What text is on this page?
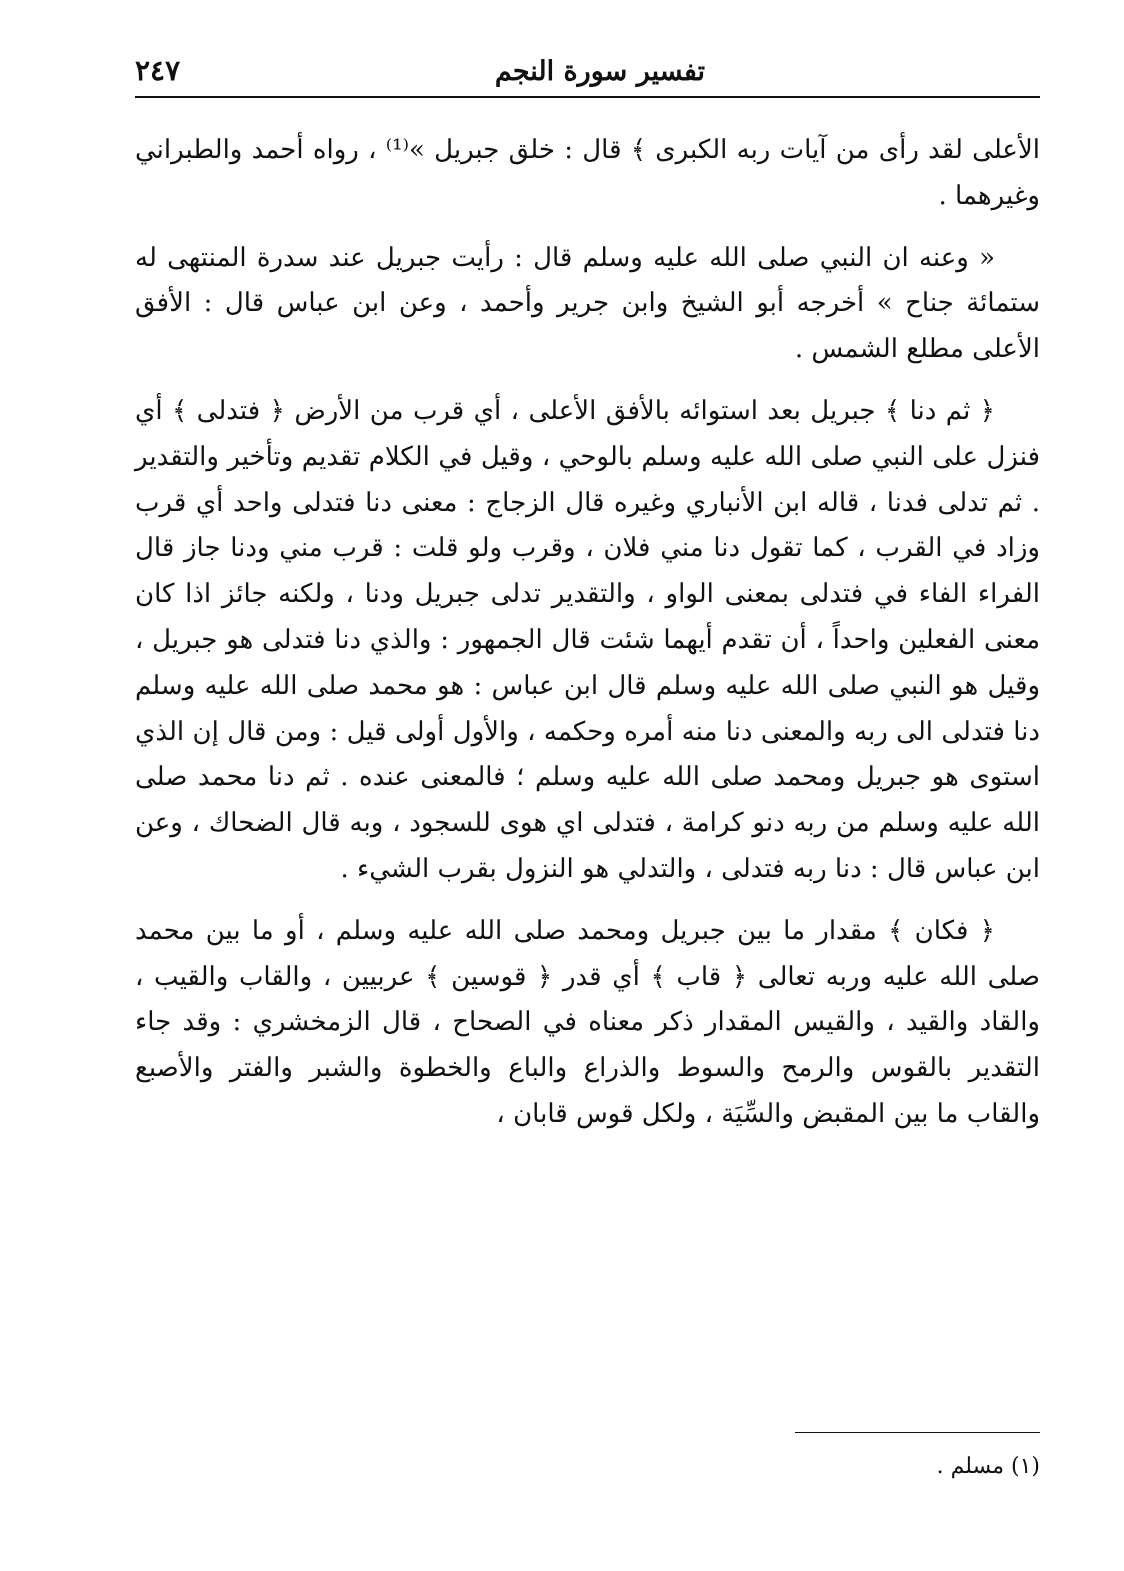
تفسير سورة النجم
٢٤٧

الأعلى لقد رأى من آيات ربه الكبرى ﴾ قال : خلق جبريل »⁽¹⁾ ، رواه أحمد والطبراني وغيرهما .

« وعنه ان النبي صلى الله عليه وسلم قال : رأيت جبريل عند سدرة المنتهى له ستمائة جناح » أخرجه أبو الشيخ وابن جرير وأحمد ، وعن ابن عباس قال : الأفق الأعلى مطلع الشمس .

﴿ ثم دنا ﴾ جبريل بعد استوائه بالأفق الأعلى ، أي قرب من الأرض ﴿ فتدلى ﴾ أي فنزل على النبي صلى الله عليه وسلم بالوحي ، وقيل في الكلام تقديم وتأخير والتقدير . ثم تدلى فدنا ، قاله ابن الأنباري وغيره قال الزجاج : معنى دنا فتدلى واحد أي قرب وزاد في القرب ، كما تقول دنا مني فلان ، وقرب ولو قلت : قرب مني ودنا جاز قال الفراء الفاء في فتدلى بمعنى الواو ، والتقدير تدلى جبريل ودنا ، ولكنه جائز اذا كان معنى الفعلين واحداً ، أن تقدم أيهما شئت قال الجمهور : والذي دنا فتدلى هو جبريل ، وقيل هو النبي صلى الله عليه وسلم قال ابن عباس : هو محمد صلى الله عليه وسلم دنا فتدلى الى ربه والمعنى دنا منه أمره وحكمه ، والأول أولى قيل : ومن قال إن الذي استوى هو جبريل ومحمد صلى الله عليه وسلم ؛ فالمعنى عنده . ثم دنا محمد صلى الله عليه وسلم من ربه دنو كرامة ، فتدلى اي هوى للسجود ، وبه قال الضحاك ، وعن ابن عباس قال : دنا ربه فتدلى ، والتدلي هو النزول بقرب الشيء .

﴿ فكان ﴾ مقدار ما بين جبريل ومحمد صلى الله عليه وسلم ، أو ما بين محمد صلى الله عليه وربه تعالى ﴿ قاب ﴾ أي قدر ﴿ قوسين ﴾ عربيين ، والقاب والقيب ، والقاد والقيد ، والقيس المقدار ذكر معناه في الصحاح ، قال الزمخشري : وقد جاء التقدير بالقوس والرمح والسوط والذراع والباع والخطوة والشبر والفتر والأصبع والقاب ما بين المقبض والسِّيَة ، ولكل قوس قابان ،

(١) مسلم .
